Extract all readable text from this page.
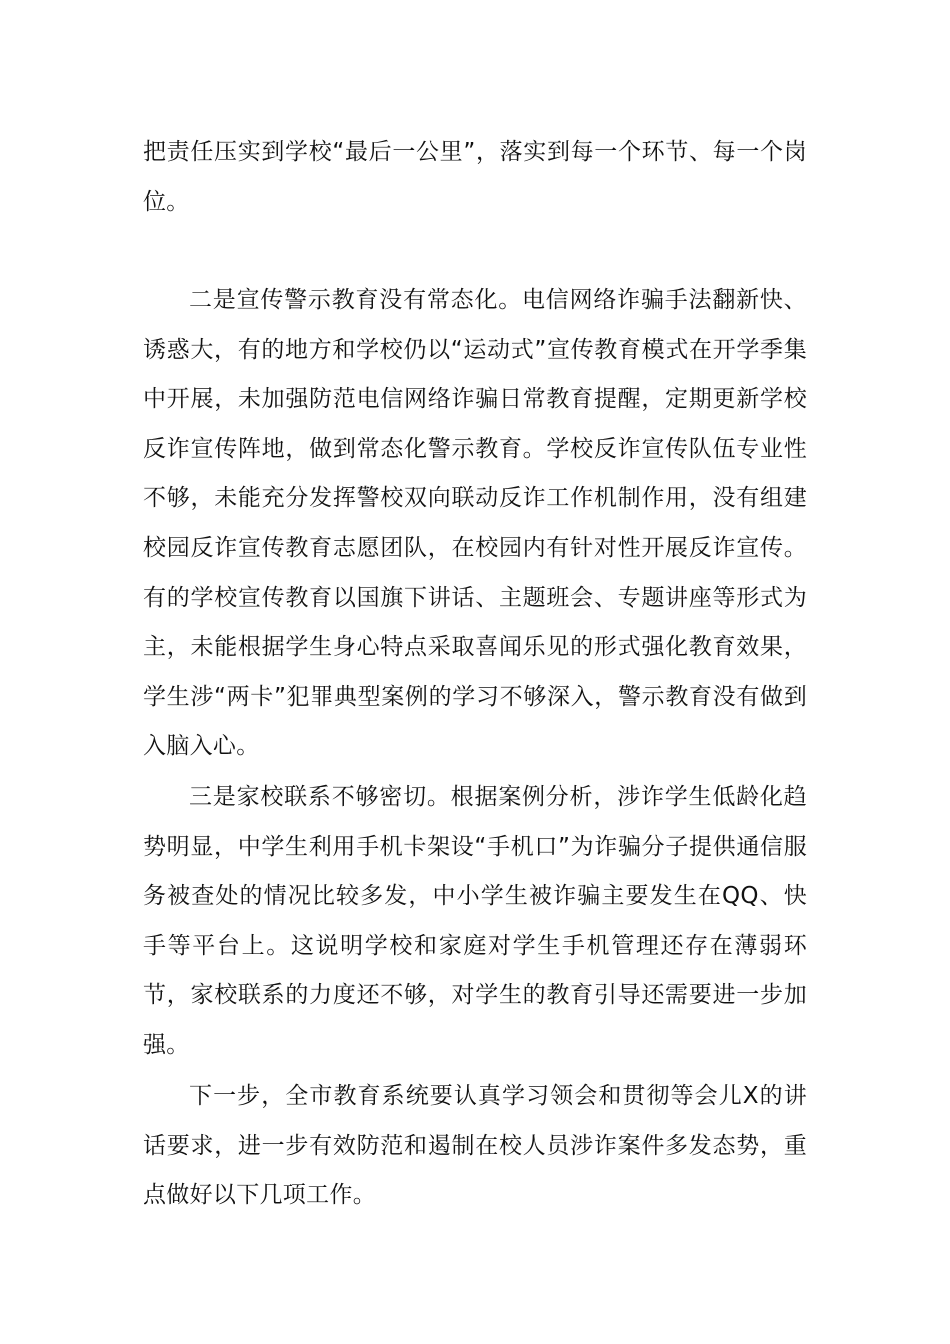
把责任压实到学校“最后一公里”，落实到每一个环节、每一个岗位。

二是宣传警示教育没有常态化。电信网络诈骗手法翻新快、诱惑大，有的地方和学校仍以“运动式”宣传教育模式在开学季集中开展，未加强防范电信网络诈骗日常教育提醒，定期更新学校反诈宣传阵地，做到常态化警示教育。学校反诈宣传队伍专业性不够，未能充分发挥警校双向联动反诈工作机制作用，没有组建校园反诈宣传教育志愿团队，在校园内有针对性开展反诈宣传。有的学校宣传教育以国旗下讲话、主题班会、专题讲座等形式为主，未能根据学生身心特点采取喜闻乐见的形式强化教育效果，学生涉“两卡”犯罪典型案例的学习不够深入，警示教育没有做到入脑入心。

三是家校联系不够密切。根据案例分析，涉诈学生低龄化趋势明显，中学生利用手机卡架设“手机口”为诈骗分子提供通信服务被查处的情况比较多发，中小学生被诈骗主要发生在QQ、快手等平台上。这说明学校和家庭对学生手机管理还存在薄弱环节，家校联系的力度还不够，对学生的教育引导还需要进一步加强。

下一步，全市教育系统要认真学习领会和贯彻等会儿X的讲话要求，进一步有效防范和遏制在校人员涉诈案件多发态势，重点做好以下几项工作。
